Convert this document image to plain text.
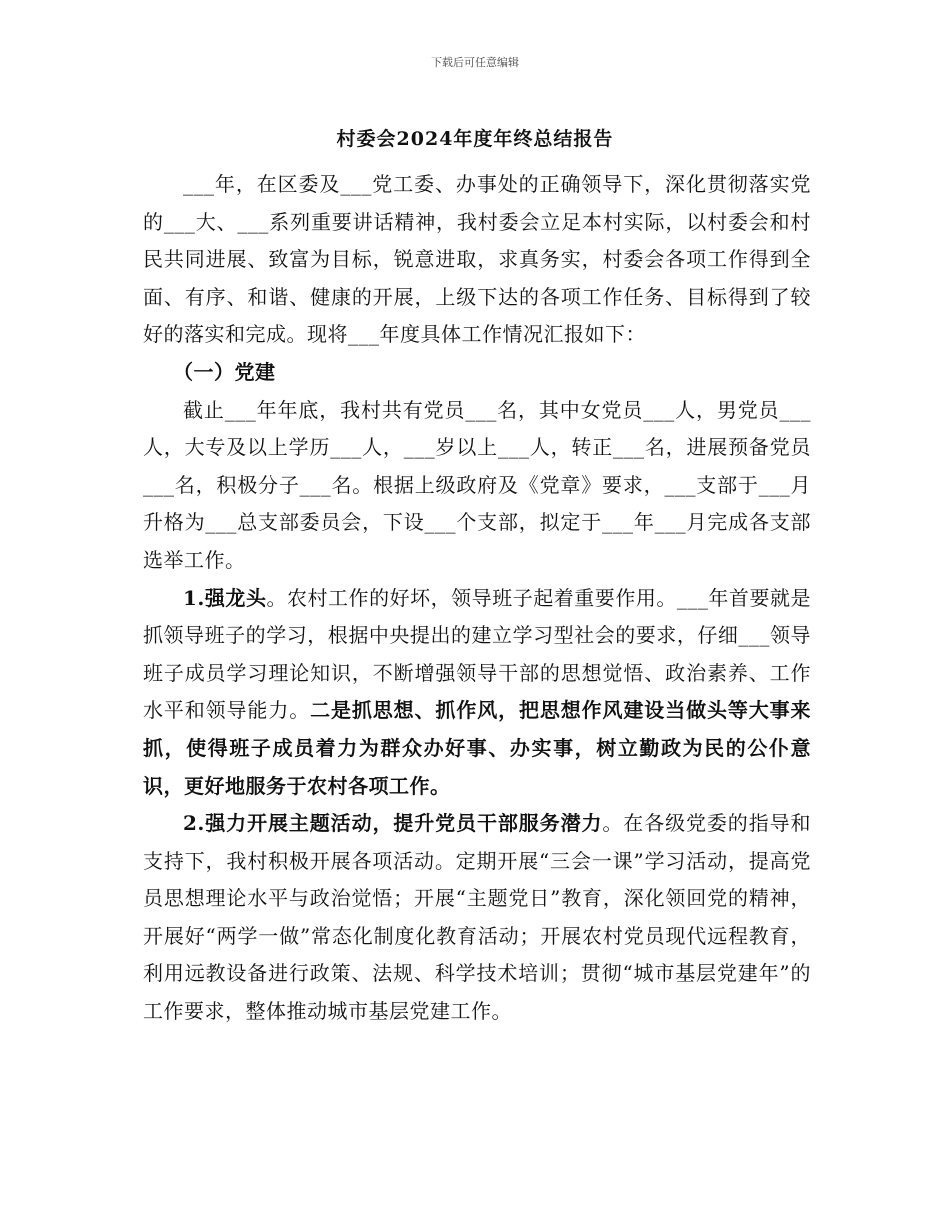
下载后可任意编辑
村委会2024年度年终总结报告

___年，在区委及___党工委、办事处的正确领导下，深化贯彻落实党的___大、___系列重要讲话精神，我村委会立足本村实际，以村委会和村民共同进展、致富为目标，锐意进取，求真务实，村委会各项工作得到全面、有序、和谐、健康的开展，上级下达的各项工作任务、目标得到了较好的落实和完成。现将___年度具体工作情况汇报如下：

（一）党建

截止___年年底，我村共有党员___名，其中女党员___人，男党员___人，大专及以上学历___人，___岁以上___人，转正___名，进展预备党员___名，积极分子___名。根据上级政府及《党章》要求，___支部于___月升格为___总支部委员会，下设___个支部，拟定于___年___月完成各支部选举工作。

1.强龙头。农村工作的好坏，领导班子起着重要作用。___年首要就是抓领导班子的学习，根据中央提出的建立学习型社会的要求，仔细___领导班子成员学习理论知识，不断增强领导干部的思想觉悟、政治素养、工作水平和领导能力。二是抓思想、抓作风，把思想作风建设当做头等大事来抓，使得班子成员着力为群众办好事、办实事，树立勤政为民的公仆意识，更好地服务于农村各项工作。

2.强力开展主题活动，提升党员干部服务潜力。在各级党委的指导和支持下，我村积极开展各项活动。定期开展“三会一课”学习活动，提高党员思想理论水平与政治觉悟；开展“主题党日”教育，深化领回党的精神，开展好“两学一做”常态化制度化教育活动；开展农村党员现代远程教育，利用远教设备进行政策、法规、科学技术培训；贯彻“城市基层党建年”的工作要求，整体推动城市基层党建工作。
